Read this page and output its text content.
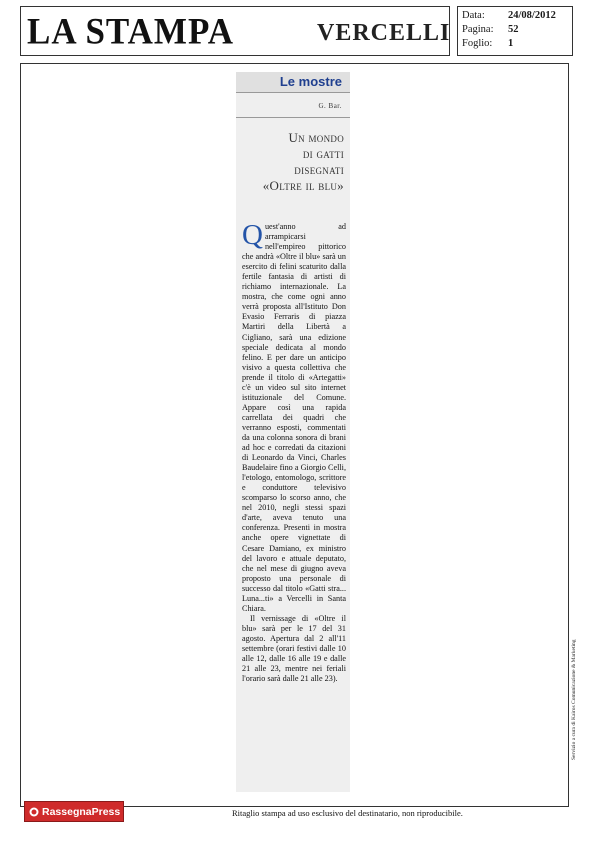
LA STAMPA	VERCELLI
Data:	24/08/2012
Pagina:	52
Foglio:	1
Le mostre
G. Bar.
Un mondo
di gatti
disegnati
«Oltre il blu»

Quest'anno ad arrampicarsi nell'empireo pittorico che andrà «Oltre il blu» sarà un esercito di felini scaturito dalla fertile fantasia di artisti di richiamo internazionale. La mostra, che come ogni anno verrà proposta all'Istituto Don Evasio Ferraris di piazza Martiri della Libertà a Cigliano, sarà una edizione speciale dedicata al mondo felino. E per dare un anticipo visivo a questa collettiva che prende il titolo di «Artegatti» c'è un video sul sito internet istituzionale del Comune. Appare così una rapida carrellata dei quadri che verranno esposti, commentati da una colonna sonora di brani ad hoc e corredati da citazioni di Leonardo da Vinci, Charles Baudelaire fino a Giorgio Celli, l'etologo, entomologo, scrittore e conduttore televisivo scomparso lo scorso anno, che nel 2010, negli stessi spazi d'arte, aveva tenuto una conferenza. Presenti in mostra anche opere vignettate di Cesare Damiano, ex ministro del lavoro e attuale deputato, che nel mese di giugno aveva proposto una personale di successo dal titolo «Gatti stra... Luna...ti» a Vercelli in Santa Chiara.

Il vernissage di «Oltre il blu» sarà per le 17 del 31 agosto. Apertura dal 2 all'11 settembre (orari festivi dalle 10 alle 12, dalle 16 alle 19 e dalle 21 alle 23, mentre nei feriali l'orario sarà dalle 21 alle 23).

RassegnaPress	Ritaglio stampa ad uso esclusivo del destinatario, non riproducibile.
Servizio a cura di Kairos Comunicazione & Marketing
